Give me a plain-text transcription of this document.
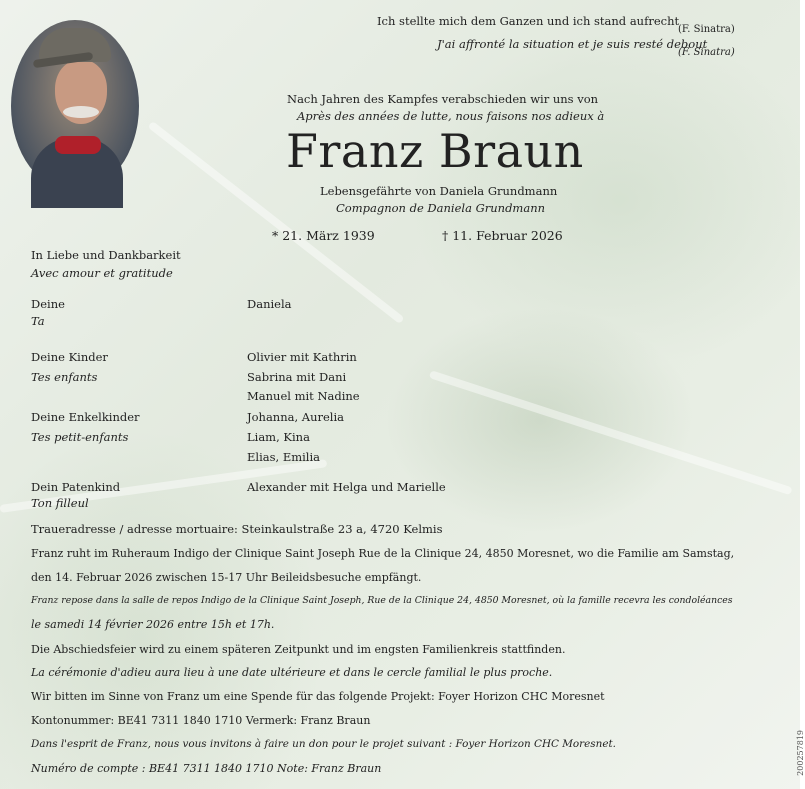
Ich stellte mich dem Ganzen und ich stand aufrecht
J'ai affronté la situation et je suis resté debout
(F. Sinatra)
(F. Sinatra)
Nach Jahren des Kampfes verabschieden wir uns von
Après des années de lutte, nous faisons nos adieux à
Franz Braun
Lebensgefährte von Daniela Grundmann
Compagnon de Daniela Grundmann
* 21. März 1939	† 11. Februar 2026
In Liebe und Dankbarkeit
Avec amour et gratitude
Deine
Ta
Daniela
Deine Kinder
Tes enfants
Olivier mit Kathrin
Sabrina mit Dani
Manuel mit Nadine
Deine Enkelkinder
Tes petit-enfants
Johanna, Aurelia
Liam, Kina
Elias, Emilia
Dein Patenkind
Ton filleul
Alexander mit Helga und Marielle
Traueradresse / adresse mortuaire: Steinkaulstraße 23 a, 4720 Kelmis
Franz ruht im Ruheraum Indigo der Clinique Saint Joseph Rue de la Clinique 24, 4850 Moresnet, wo die Familie am Samstag,
den 14. Februar 2026 zwischen 15-17 Uhr Beileidsbesuche empfängt.
Franz repose dans la salle de repos Indigo de la Clinique Saint Joseph, Rue de la Clinique 24, 4850 Moresnet, où la famille recevra les condoléances
le samedi 14 février 2026 entre 15h et 17h.
Die Abschiedsfeier wird zu einem späteren Zeitpunkt und im engsten Familienkreis stattfinden.
La cérémonie d'adieu aura lieu à une date ultérieure et dans le cercle familial le plus proche.
Wir bitten im Sinne von Franz um eine Spende für das folgende Projekt: Foyer Horizon CHC Moresnet
Kontonummer: BE41 7311 1840 1710 Vermerk: Franz Braun
Dans l'esprit de Franz, nous vous invitons à faire un don pour le projet suivant : Foyer Horizon CHC Moresnet.
Numéro de compte : BE41 7311 1840 1710 Note: Franz Braun	200257819
